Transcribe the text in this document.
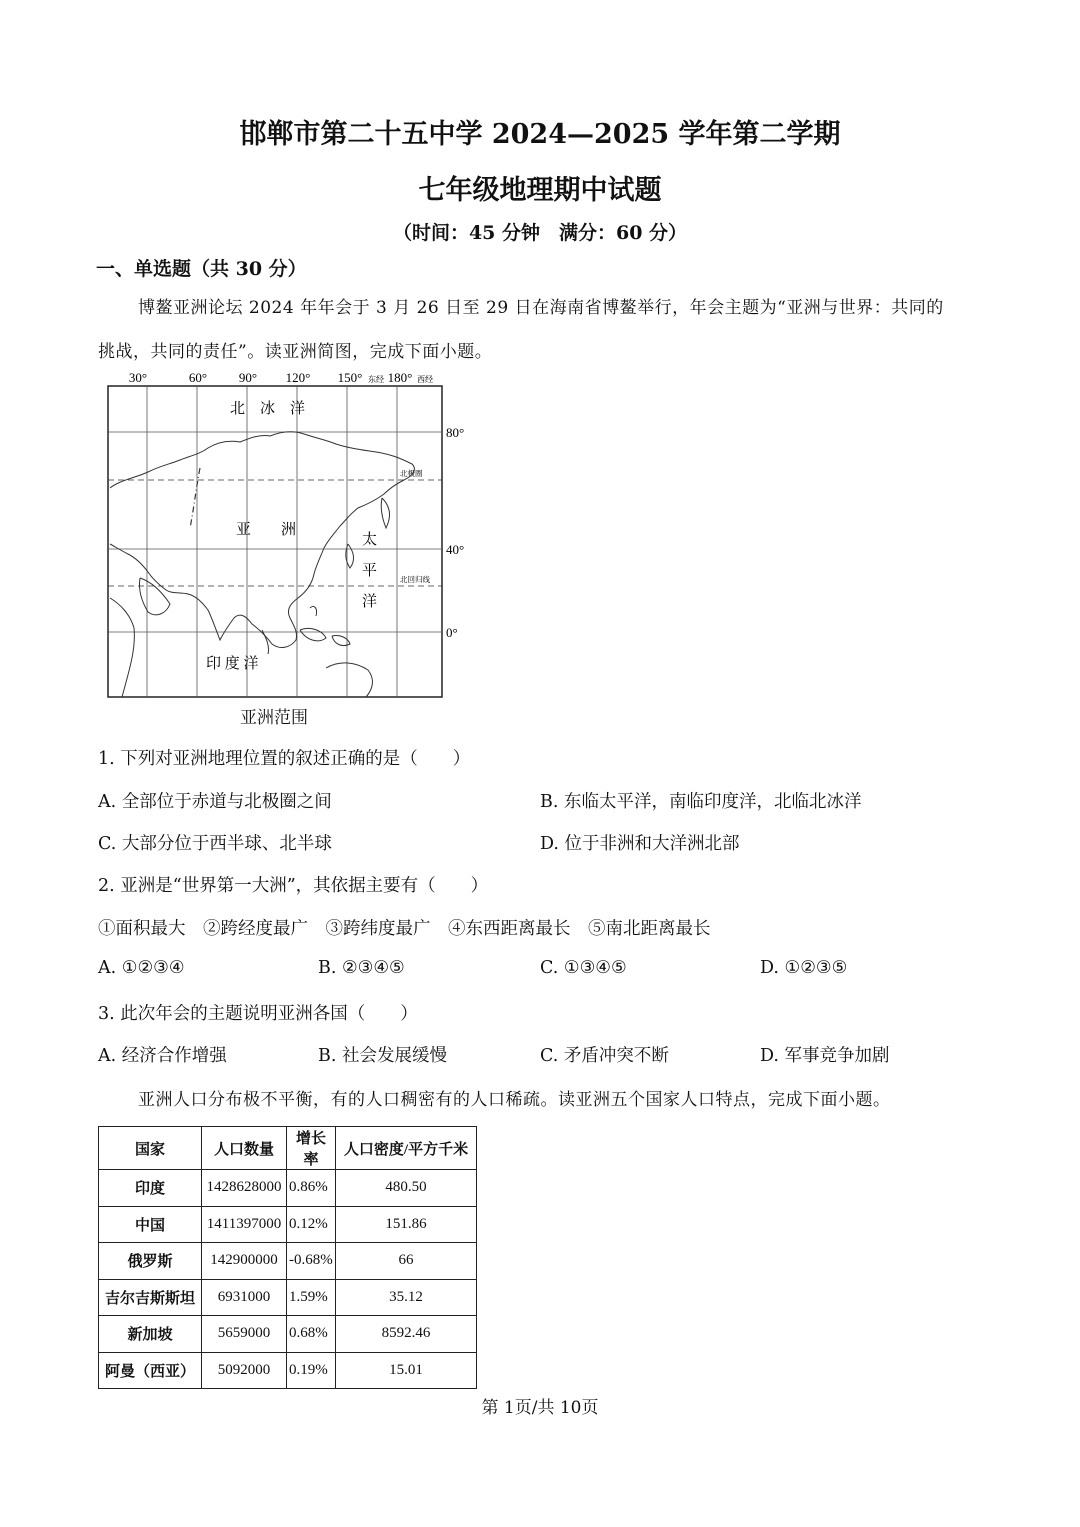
邯郸市第二十五中学 2024—2025 学年第二学期
七年级地理期中试题
（时间：45 分钟　满分：60 分）
一、单选题（共 30 分）
博鳌亚洲论坛 2024 年年会于 3 月 26 日至 29 日在海南省博鳌举行，年会主题为“亚洲与世界：共同的
挑战，共同的责任”。读亚洲简图，完成下面小题。
30°	60° 90° 120° 150° 东经 180° 西经
80°
40°
0°
北极圈
北回归线
北　冰　洋
亚　　洲
太
平
洋
印 度 洋
亚洲范围
1. 下列对亚洲地理位置的叙述正确的是（　　）
A. 全部位于赤道与北极圈之间	B. 东临太平洋，南临印度洋，北临北冰洋
C. 大部分位于西半球、北半球	D. 位于非洲和大洋洲北部
2. 亚洲是“世界第一大洲”，其依据主要有（　　）
①面积最大　②跨经度最广　③跨纬度最广　④东西距离最长　⑤南北距离最长
A. ①②③④	B. ②③④⑤	C. ①③④⑤	D. ①②③⑤
3. 此次年会的主题说明亚洲各国（　　）
A. 经济合作增强	B. 社会发展缓慢	C. 矛盾冲突不断	D. 军事竞争加剧
亚洲人口分布极不平衡，有的人口稠密有的人口稀疏。读亚洲五个国家人口特点，完成下面小题。
国家	人口数量	增长率	人口密度/平方千米
印度	1428628000	0.86%	480.50
中国	1411397000	0.12%	151.86
俄罗斯	142900000	-0.68%	66
吉尔吉斯斯坦	6931000	1.59%	35.12
新加坡	5659000	0.68%	8592.46
阿曼（西亚）	5092000	0.19%	15.01
第 1页/共 10页
